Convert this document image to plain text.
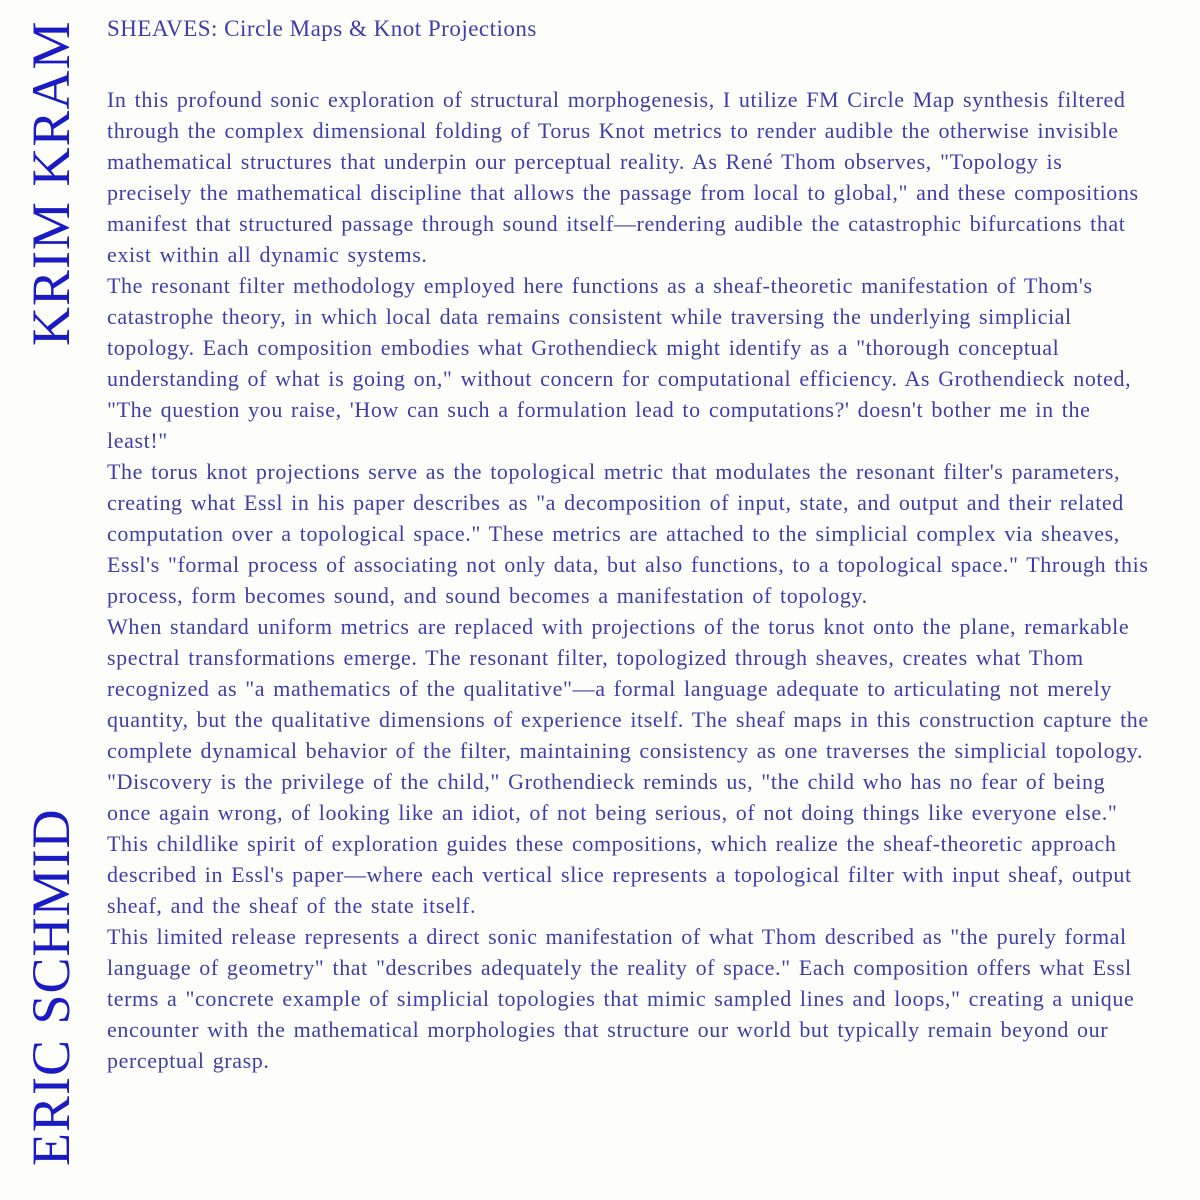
KRIM KRAM
ERIC SCHMID
SHEAVES: Circle Maps & Knot Projections

In this profound sonic exploration of structural morphogenesis, I utilize FM Circle Map synthesis filtered through the complex dimensional folding of Torus Knot metrics to render audible the otherwise invisible mathematical structures that underpin our perceptual reality. As René Thom observes, "Topology is precisely the mathematical discipline that allows the passage from local to global," and these compositions manifest that structured passage through sound itself—rendering audible the catastrophic bifurcations that exist within all dynamic systems.

The resonant filter methodology employed here functions as a sheaf-theoretic manifestation of Thom's catastrophe theory, in which local data remains consistent while traversing the underlying simplicial topology. Each composition embodies what Grothendieck might identify as a "thorough conceptual understanding of what is going on," without concern for computational efficiency. As Grothendieck noted, "The question you raise, 'How can such a formulation lead to computations?' doesn't bother me in the least!"

The torus knot projections serve as the topological metric that modulates the resonant filter's parameters, creating what Essl in his paper describes as "a decomposition of input, state, and output and their related computation over a topological space." These metrics are attached to the simplicial complex via sheaves, Essl's "formal process of associating not only data, but also functions, to a topological space." Through this process, form becomes sound, and sound becomes a manifestation of topology.

When standard uniform metrics are replaced with projections of the torus knot onto the plane, remarkable spectral transformations emerge. The resonant filter, topologized through sheaves, creates what Thom recognized as "a mathematics of the qualitative"—a formal language adequate to articulating not merely quantity, but the qualitative dimensions of experience itself. The sheaf maps in this construction capture the complete dynamical behavior of the filter, maintaining consistency as one traverses the simplicial topology.

"Discovery is the privilege of the child," Grothendieck reminds us, "the child who has no fear of being once again wrong, of looking like an idiot, of not being serious, of not doing things like everyone else." This childlike spirit of exploration guides these compositions, which realize the sheaf-theoretic approach described in Essl's paper—where each vertical slice represents a topological filter with input sheaf, output sheaf, and the sheaf of the state itself.

This limited release represents a direct sonic manifestation of what Thom described as "the purely formal language of geometry" that "describes adequately the reality of space." Each composition offers what Essl terms a "concrete example of simplicial topologies that mimic sampled lines and loops," creating a unique encounter with the mathematical morphologies that structure our world but typically remain beyond our perceptual grasp.
